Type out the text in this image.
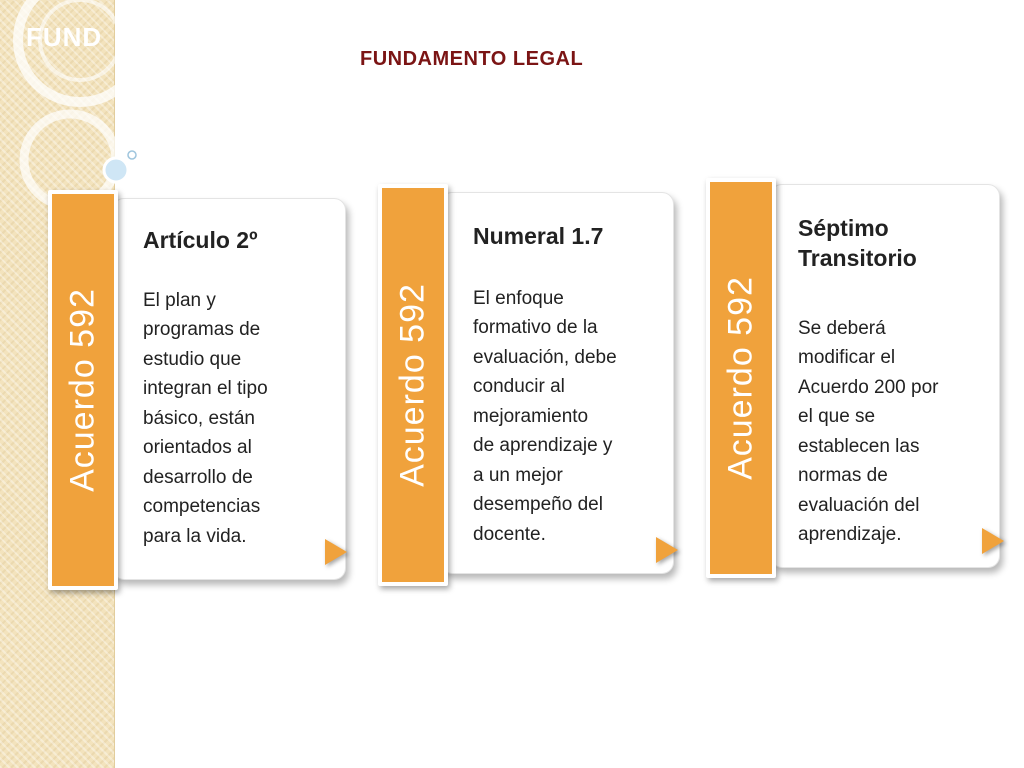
FUND
FUNDAMENTO LEGAL
Acuerdo 592
Artículo 2º
El plan y
programas de
estudio que
integran el tipo
básico, están
orientados al
desarrollo de
competencias
para la vida.
Acuerdo 592
Numeral 1.7
El enfoque
formativo de la
evaluación, debe
conducir al
mejoramiento
de aprendizaje y
a un mejor
desempeño del
docente.
Acuerdo 592
Séptimo Transitorio
Se deberá
modificar el
Acuerdo 200 por
el que se
establecen las
normas de
evaluación del
aprendizaje.
